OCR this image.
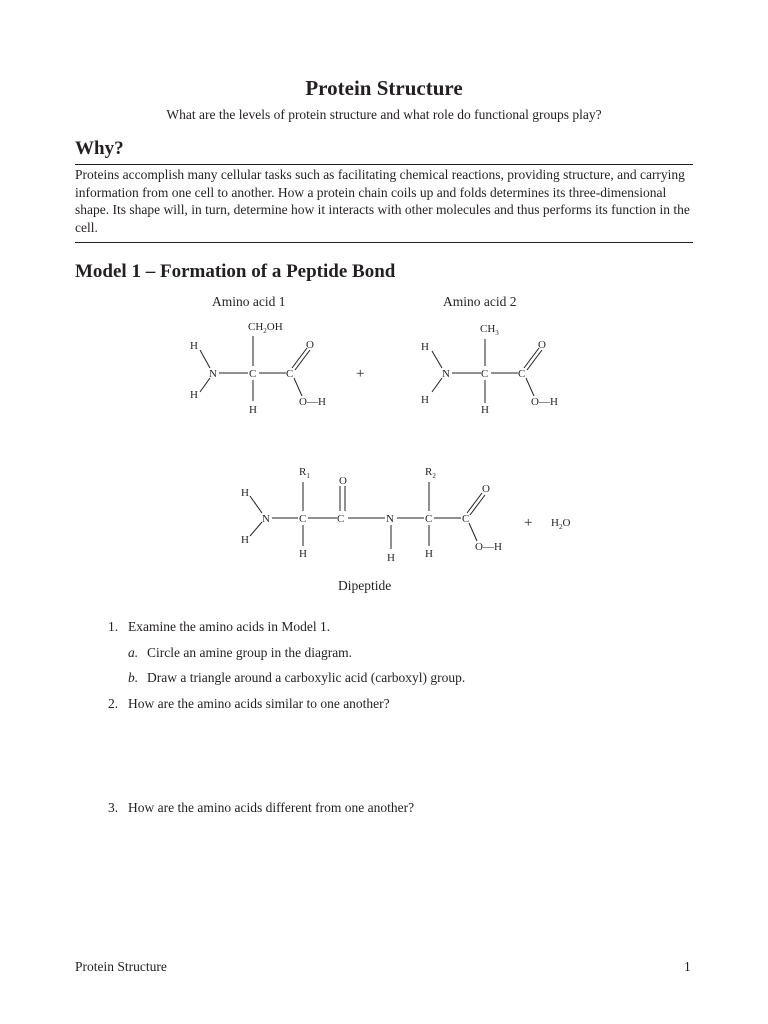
Protein Structure
What are the levels of protein structure and what role do functional groups play?
Why?
Proteins accomplish many cellular tasks such as facilitating chemical reactions, providing structure, and carrying information from one cell to another. How a protein chain coils up and folds determines its three-dimensional shape. Its shape will, in turn, determine how it interacts with other molecules and thus performs its function in the cell.
Model 1 – Formation of a Peptide Bond
Amino acid 1	Amino acid 2
$CH_2OH$
H
H
N	C
H
C
O
O—H
+
$CH_3$
H
H
N	C
H
C
O
O—H
$R_1$	$R_2$
O
H
H
N	C
H
C	N
H
C
H
C
O
O—H
+ $H_2O$
Dipeptide
1. Examine the amino acids in Model 1.
a. Circle an amine group in the diagram.
b. Draw a triangle around a carboxylic acid (carboxyl) group.
2. How are the amino acids similar to one another?
3. How are the amino acids different from one another?
Protein Structure	1
